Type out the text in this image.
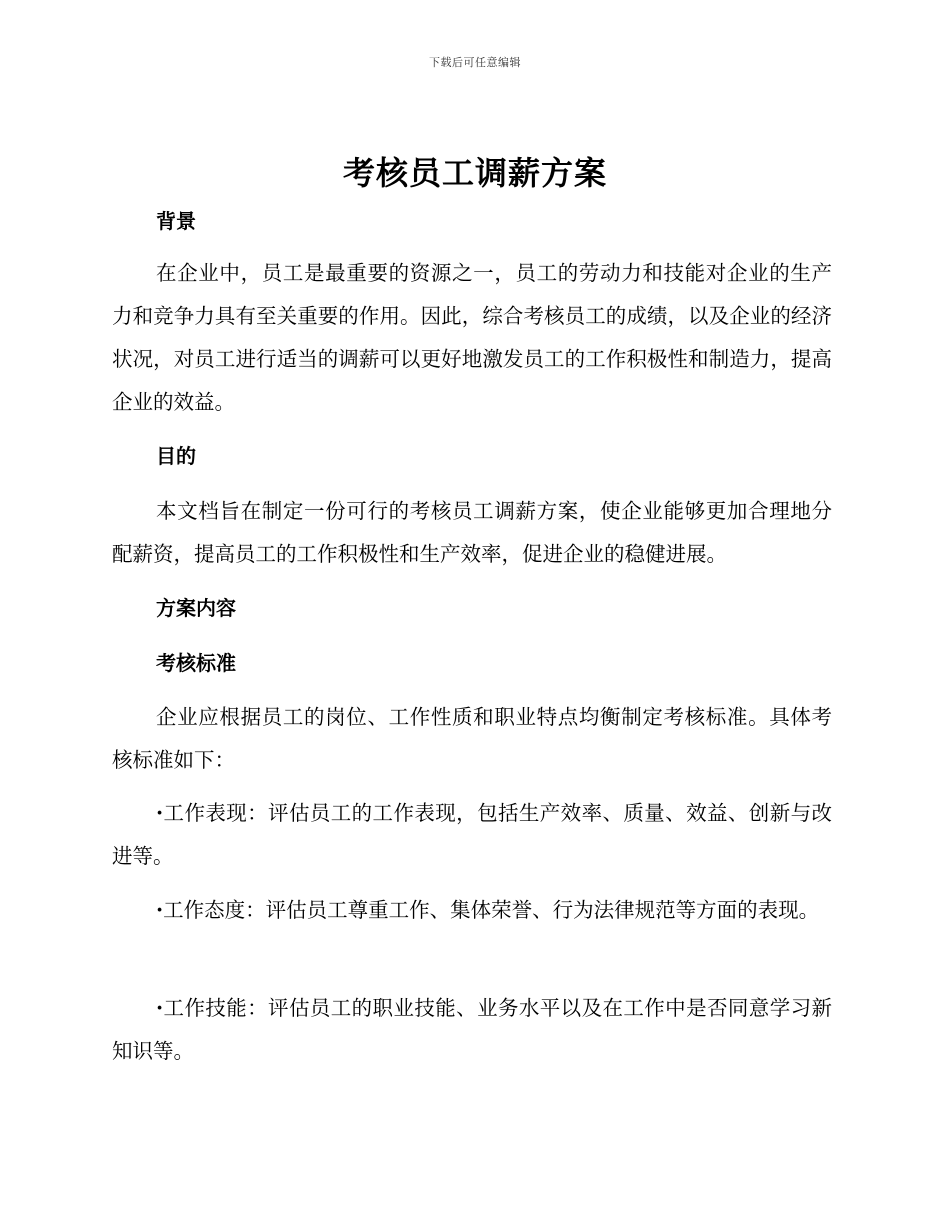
下载后可任意编辑
考核员工调薪方案
背景

在企业中，员工是最重要的资源之一，员工的劳动力和技能对企业的生产力和竞争力具有至关重要的作用。因此，综合考核员工的成绩，以及企业的经济状况，对员工进行适当的调薪可以更好地激发员工的工作积极性和制造力，提高企业的效益。

目的

本文档旨在制定一份可行的考核员工调薪方案，使企业能够更加合理地分配薪资，提高员工的工作积极性和生产效率，促进企业的稳健进展。

方案内容
考核标准

企业应根据员工的岗位、工作性质和职业特点均衡制定考核标准。具体考核标准如下：

·工作表现：评估员工的工作表现，包括生产效率、质量、效益、创新与改进等。

·工作态度：评估员工尊重工作、集体荣誉、行为法律规范等方面的表现。

·工作技能：评估员工的职业技能、业务水平以及在工作中是否同意学习新知识等。
